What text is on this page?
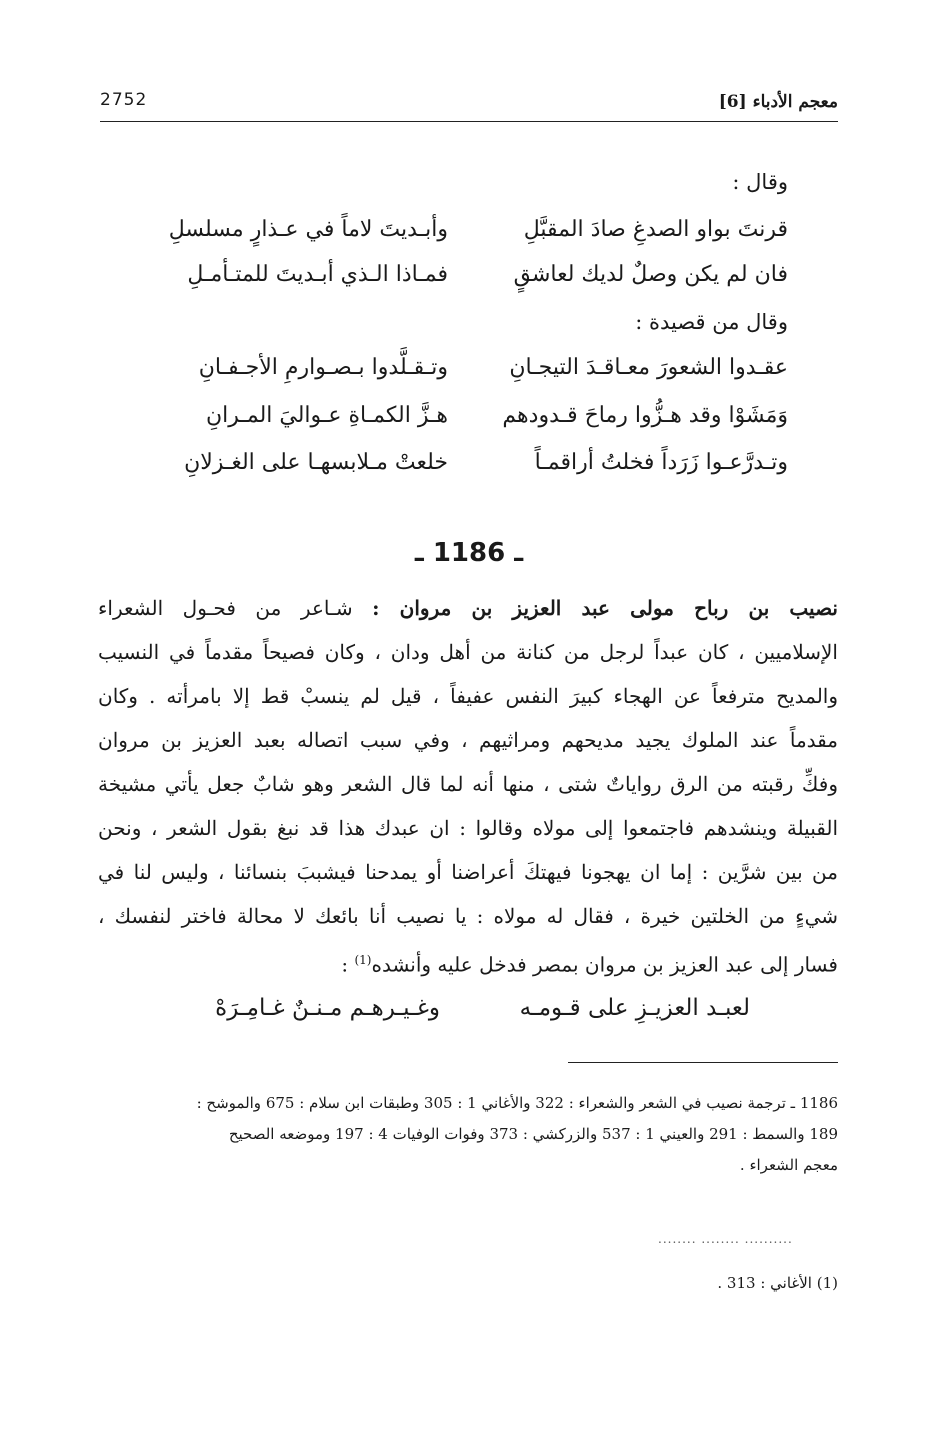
معجم الأدباء [6]
2752
وقال :
قرنتَ بواو الصدغِ صادَ المقبَّلِ
وأبـديتَ لاماً في عـذارٍ مسلسلِ
فان لم يكن وصلٌ لديك لعاشقٍ
فمـاذا الـذي أبـديتَ للمتـأمـلِ
وقال من قصيدة :
عقـدوا الشعورَ معـاقـدَ التيجـانِ
وتـقـلَّدوا بـصـوارمِ الأجـفـانِ
وَمَشَوْا وقد هـزُّوا رماحَ قـدودهم
هـزَّ الكمـاةِ عـواليَ المـرانِ
وتـدرَّعـوا زَرَداً فخلتُ أراقمـاً
خلعتْ مـلابسهـا على الغـزلانِ
ـ 1186 ـ
نصيب بن رباح مولى عبد العزيز بن مروان : شـاعر من فحـول الشعراء
الإسلاميين ، كان عبداً لرجل من كنانة من أهل ودان ، وكان فصيحاً مقدماً في النسيب
والمديح مترفعاً عن الهجاء كبيرَ النفس عفيفاً ، قيل لم ينسبْ قط إلا بامرأته . وكان
مقدماً عند الملوك يجيد مديحهم ومراثيهم ، وفي سبب اتصاله بعبد العزيز بن مروان
وفكِّ رقبته من الرق رواياتٌ شتى ، منها أنه لما قال الشعر وهو شابٌ جعل يأتي مشيخة
القبيلة وينشدهم فاجتمعوا إلى مولاه وقالوا : ان عبدك هذا قد نبغ بقول الشعر ، ونحن
من بين شرَّين : إما ان يهجونا فيهتكَ أعراضنا أو يمدحنا فيشببَ بنسائنا ، وليس لنا في
شيءٍ من الخلتين خيرة ، فقال له مولاه : يا نصيب أنا بائعك لا محالة فاختر لنفسك ،
فسار إلى عبد العزيز بن مروان بمصر فدخل عليه وأنشده$^{(1)}$ :
لعبـد العزيـزِ على قـومـه
وغـيـرهـم مـنـنٌ غـامِـرَهْ
1186 ـ ترجمة نصيب في الشعر والشعراء : 322 والأغاني 1 : 305 وطبقات ابن سلام : 675 والموشح :
189 والسمط : 291 والعيني 1 : 537 والزركشي : 373 وفوات الوفيات 4 : 197 وموضعه الصحيح
معجم الشعراء .
........ ........ ..........
(1) الأغاني : 313 .
